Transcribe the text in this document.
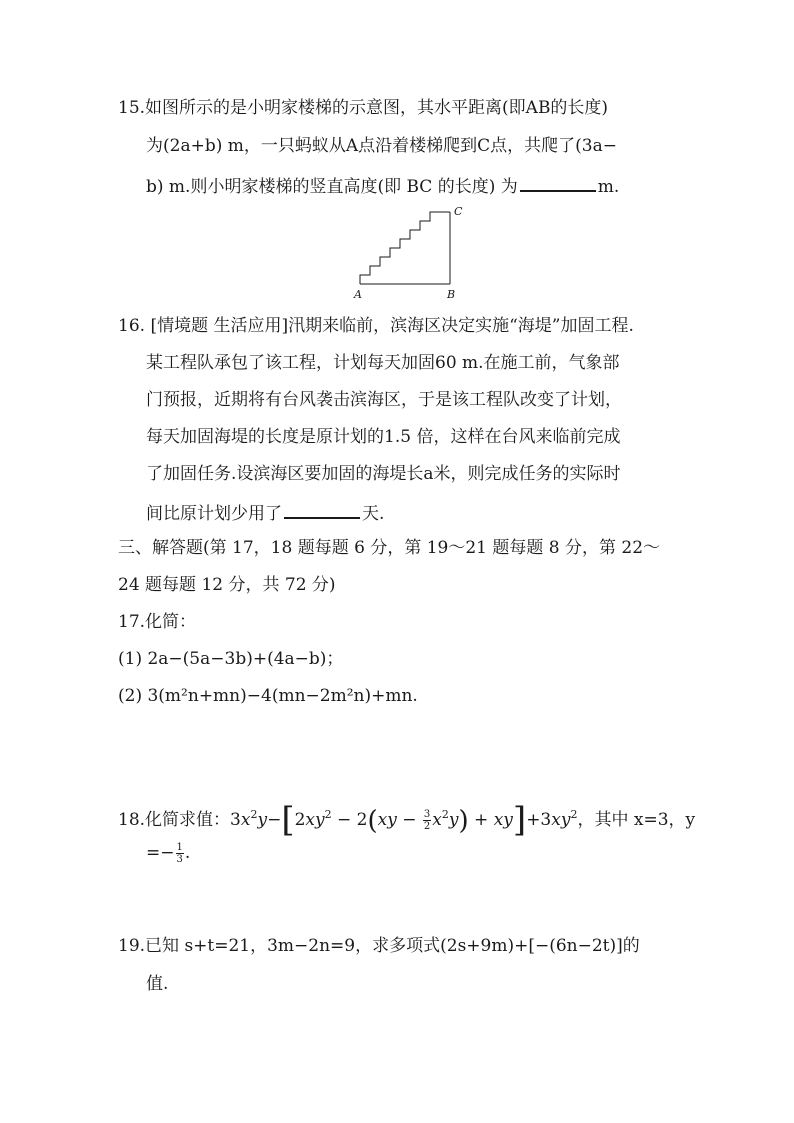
15.如图所示的是小明家楼梯的示意图，其水平距离(即AB的长度)
为(2a+b) m，一只蚂蚁从A点沿着楼梯爬到C点，共爬了(3a−
b) m.则小明家楼梯的竖直高度(即 BC 的长度) 为	m.
A	B
C
16. [情境题 生活应用]汛期来临前，滨海区决定实施“海堤”加固工程.
某工程队承包了该工程，计划每天加固60 m.在施工前，气象部
门预报，近期将有台风袭击滨海区，于是该工程队改变了计划，
每天加固海堤的长度是原计划的1.5 倍，这样在台风来临前完成
了加固任务.设滨海区要加固的海堤长a米，则完成任务的实际时
间比原计划少用了	天.
三、解答题(第 17，18 题每题 6 分，第 19～21 题每题 8 分，第 22～
24 题每题 12 分，共 72 分)
17.化简：
(1) 2a−(5a−3b)+(4a−b)；
(2) 3(m²n+mn)−4(mn−2m²n)+mn.
18.化简求值：$3x^2y-[2xy^2 - 2(xy - \frac{3}{2} x^2y) + xy]+3xy^2$，其中 x=3，y
=− $\frac{1}{3}$ .
19.已知 s+t=21，3m−2n=9，求多项式(2s+9m)+[−(6n−2t)]的
值.
